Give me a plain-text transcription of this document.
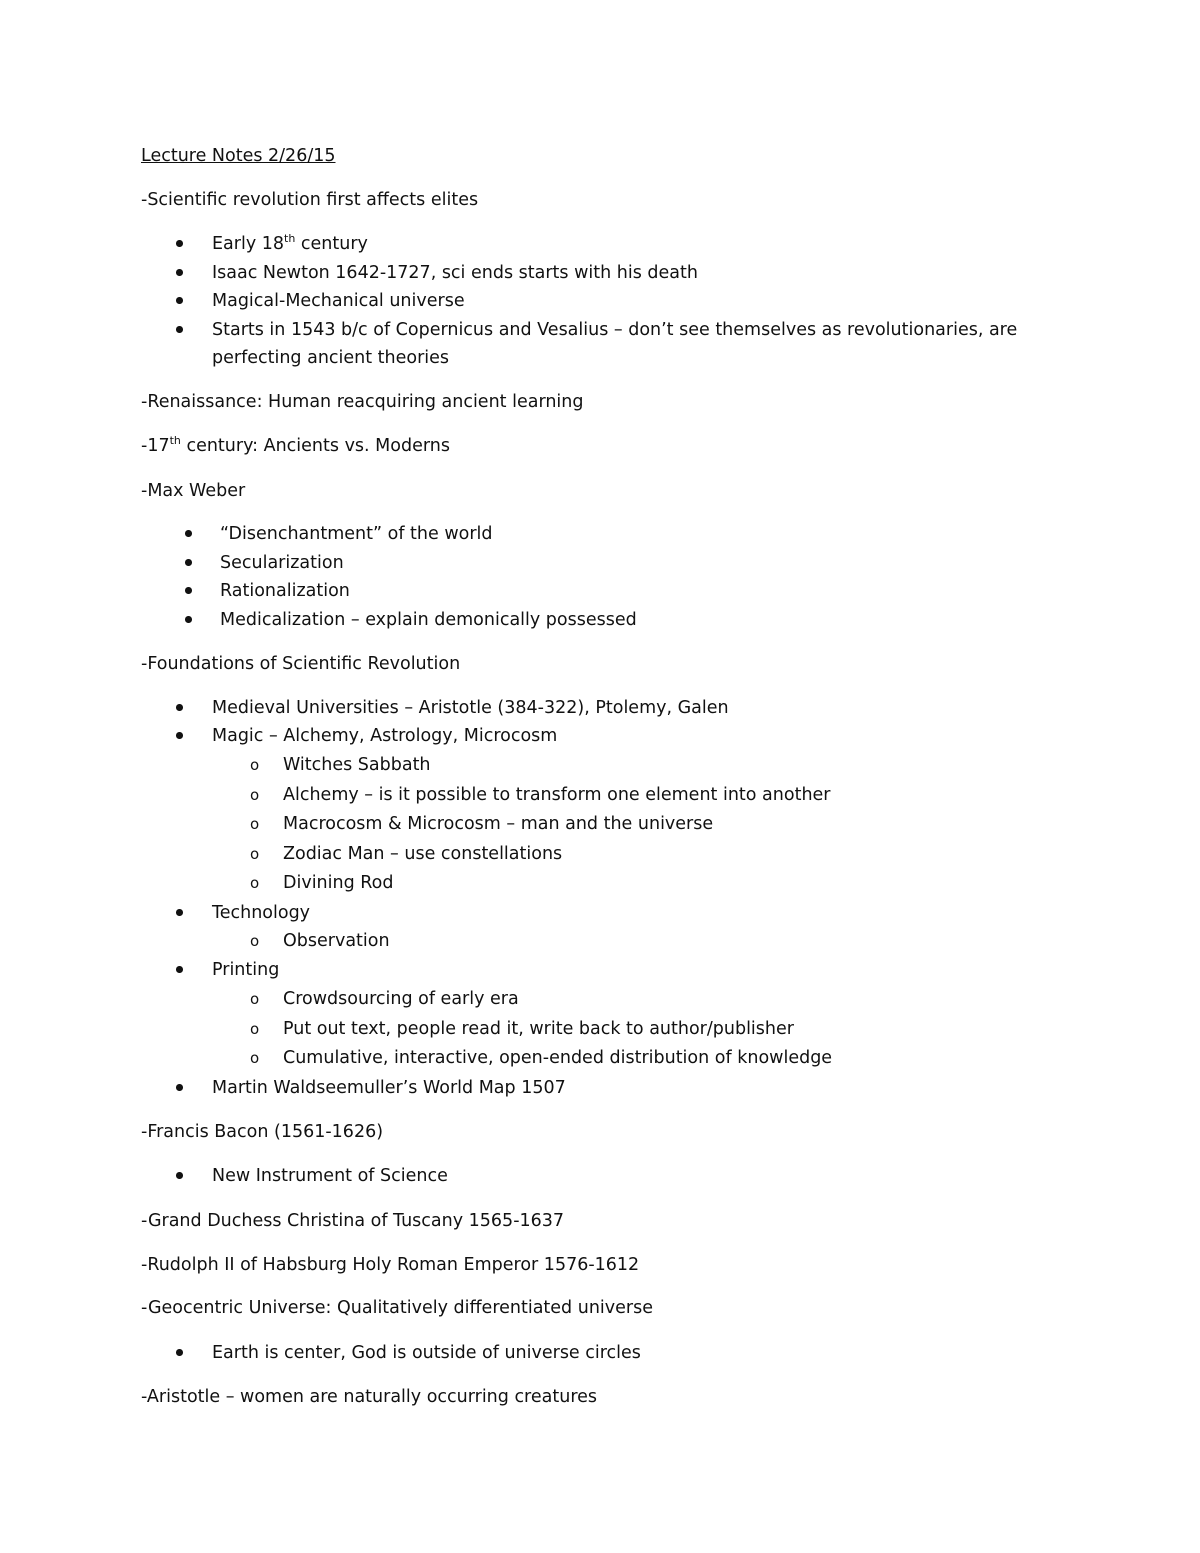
Lecture Notes 2/26/15
-Scientific revolution first affects elites
Early 18th century
Isaac Newton 1642-1727, sci ends starts with his death
Magical-Mechanical universe
Starts in 1543 b/c of Copernicus and Vesalius – don’t see themselves as revolutionaries, are
perfecting ancient theories
-Renaissance: Human reacquiring ancient learning
-17th century: Ancients vs. Moderns
-Max Weber
“Disenchantment” of the world
Secularization
Rationalization
Medicalization – explain demonically possessed
-Foundations of Scientific Revolution
Medieval Universities – Aristotle (384-322), Ptolemy, Galen
Magic – Alchemy, Astrology, Microcosm
o Witches Sabbath
o Alchemy – is it possible to transform one element into another
o Macrocosm & Microcosm – man and the universe
o Zodiac Man – use constellations
o Divining Rod
Technology
o Observation
Printing
o Crowdsourcing of early era
o Put out text, people read it, write back to author/publisher
o Cumulative, interactive, open-ended distribution of knowledge
Martin Waldseemuller’s World Map 1507
-Francis Bacon (1561-1626)
New Instrument of Science
-Grand Duchess Christina of Tuscany 1565-1637
-Rudolph II of Habsburg Holy Roman Emperor 1576-1612
-Geocentric Universe: Qualitatively differentiated universe
Earth is center, God is outside of universe circles
-Aristotle – women are naturally occurring creatures
